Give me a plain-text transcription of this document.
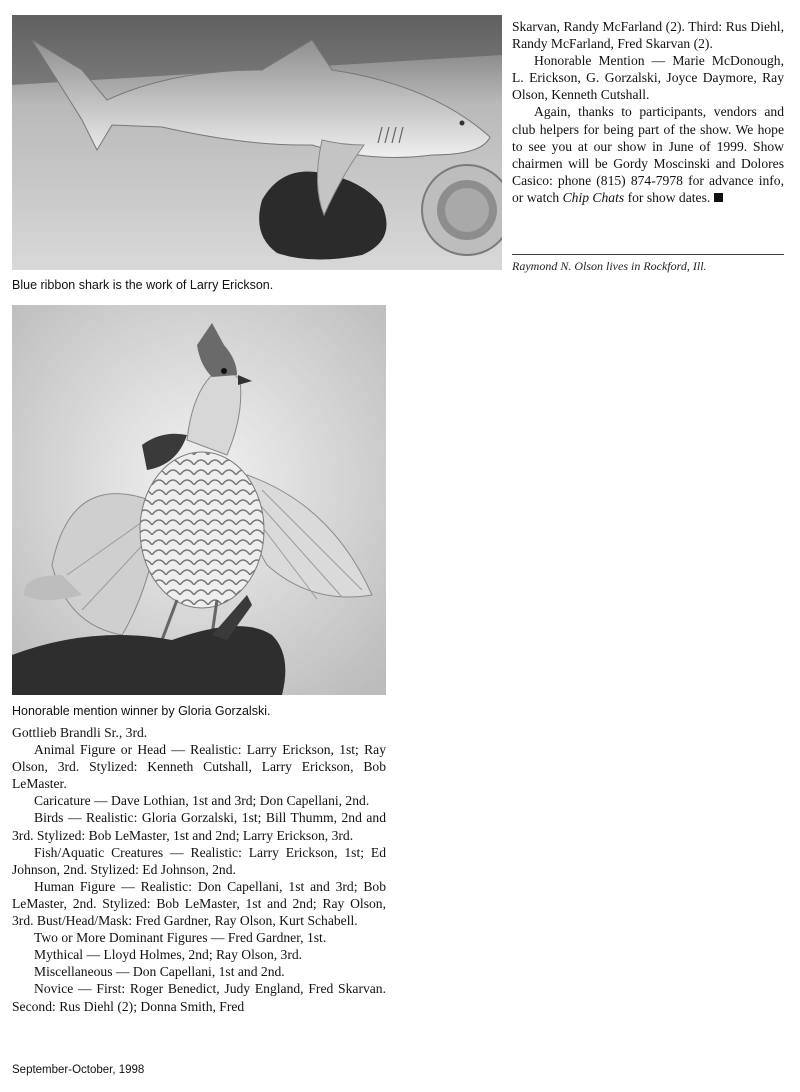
Skarvan, Randy McFarland (2). Third: Rus Diehl, Randy McFarland, Fred Skarvan (2).

Honorable Mention — Marie McDonough, L. Erickson, G. Gorzalski, Joyce Daymore, Ray Olson, Kenneth Cutshall.

Again, thanks to participants, vendors and club helpers for being part of the show. We hope to see you at our show in June of 1999. Show chairmen will be Gordy Moscinski and Dolores Casico: phone (815) 874-7978 for advance info, or watch Chip Chats for show dates.

Raymond N. Olson lives in Rockford, Ill.

Blue ribbon shark is the work of Larry Erickson.

Honorable mention winner by Gloria Gorzalski.

Gottlieb Brandli Sr., 3rd.

Animal Figure or Head — Realistic: Larry Erickson, 1st; Ray Olson, 3rd. Stylized: Kenneth Cutshall, Larry Erickson, Bob LeMaster.

Caricature — Dave Lothian, 1st and 3rd; Don Capellani, 2nd.

Birds — Realistic: Gloria Gorzalski, 1st; Bill Thumm, 2nd and 3rd. Stylized: Bob LeMaster, 1st and 2nd; Larry Erickson, 3rd.

Fish/Aquatic Creatures — Realistic: Larry Erickson, 1st; Ed Johnson, 2nd. Stylized: Ed Johnson, 2nd.

Human Figure — Realistic: Don Capellani, 1st and 3rd; Bob LeMaster, 2nd. Stylized: Bob LeMaster, 1st and 2nd; Ray Olson, 3rd. Bust/Head/Mask: Fred Gardner, Ray Olson, Kurt Schabell.

Two or More Dominant Figures — Fred Gardner, 1st.

Mythical — Lloyd Holmes, 2nd; Ray Olson, 3rd.

Miscellaneous — Don Capellani, 1st and 2nd.

Novice — First: Roger Benedict, Judy England, Fred Skarvan. Second: Rus Diehl (2); Donna Smith, Fred

September-October, 1998
